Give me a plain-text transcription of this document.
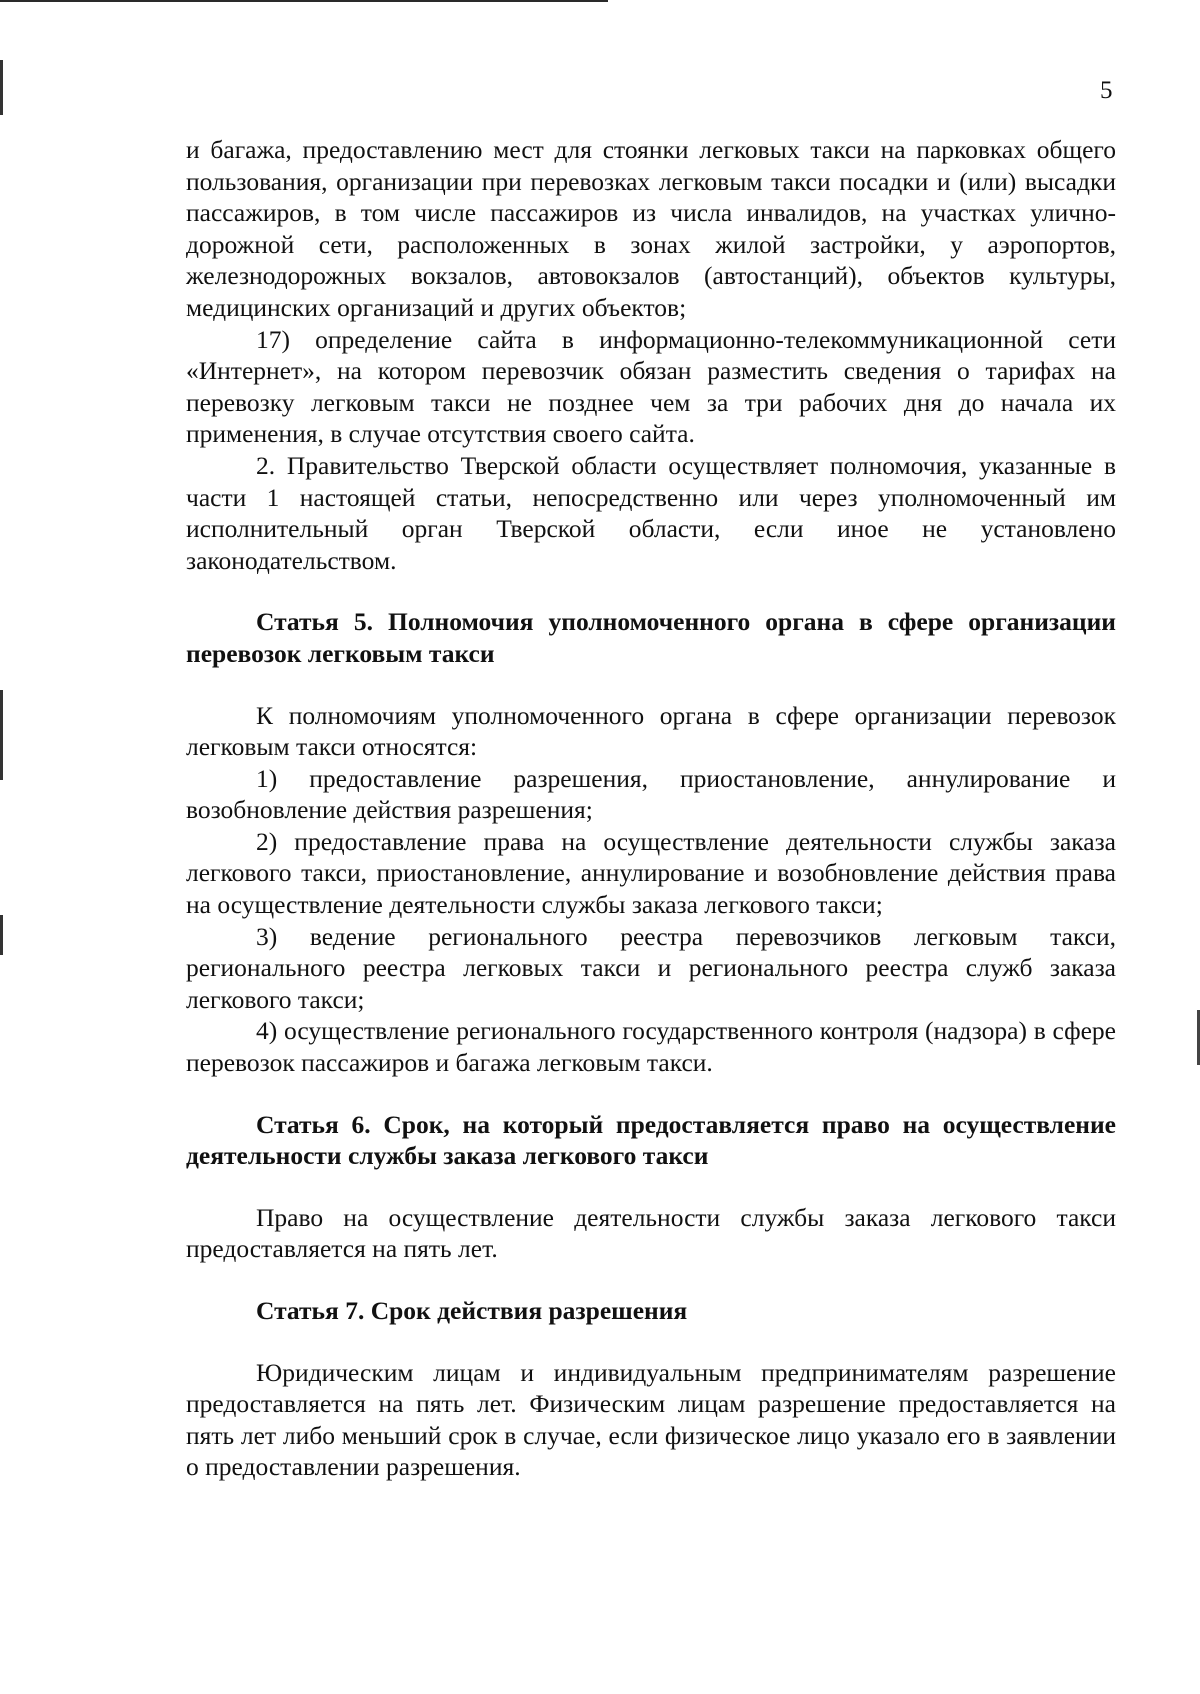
5

и багажа, предоставлению мест для стоянки легковых такси на парковках общего пользования, организации при перевозках легковым такси посадки и (или) высадки пассажиров, в том числе пассажиров из числа инвалидов, на участках улично-дорожной сети, расположенных в зонах жилой застройки, у аэропортов, железнодорожных вокзалов, автовокзалов (автостанций), объектов культуры, медицинских организаций и других объектов;

17) определение сайта в информационно-телекоммуникационной сети «Интернет», на котором перевозчик обязан разместить сведения о тарифах на перевозку легковым такси не позднее чем за три рабочих дня до начала их применения, в случае отсутствия своего сайта.

2. Правительство Тверской области осуществляет полномочия, указанные в части 1 настоящей статьи, непосредственно или через уполномоченный им исполнительный орган Тверской области, если иное не установлено законодательством.

Статья 5. Полномочия уполномоченного органа в сфере организации перевозок легковым такси

К полномочиям уполномоченного органа в сфере организации перевозок легковым такси относятся:

1) предоставление разрешения, приостановление, аннулирование и возобновление действия разрешения;

2) предоставление права на осуществление деятельности службы заказа легкового такси, приостановление, аннулирование и возобновление действия права на осуществление деятельности службы заказа легкового такси;

3) ведение регионального реестра перевозчиков легковым такси, регионального реестра легковых такси и регионального реестра служб заказа легкового такси;

4) осуществление регионального государственного контроля (надзора) в сфере перевозок пассажиров и багажа легковым такси.

Статья 6. Срок, на который предоставляется право на осуществление деятельности службы заказа легкового такси

Право на осуществление деятельности службы заказа легкового такси предоставляется на пять лет.

Статья 7. Срок действия разрешения

Юридическим лицам и индивидуальным предпринимателям разрешение предоставляется на пять лет. Физическим лицам разрешение предоставляется на пять лет либо меньший срок в случае, если физическое лицо указало его в заявлении о предоставлении разрешения.
